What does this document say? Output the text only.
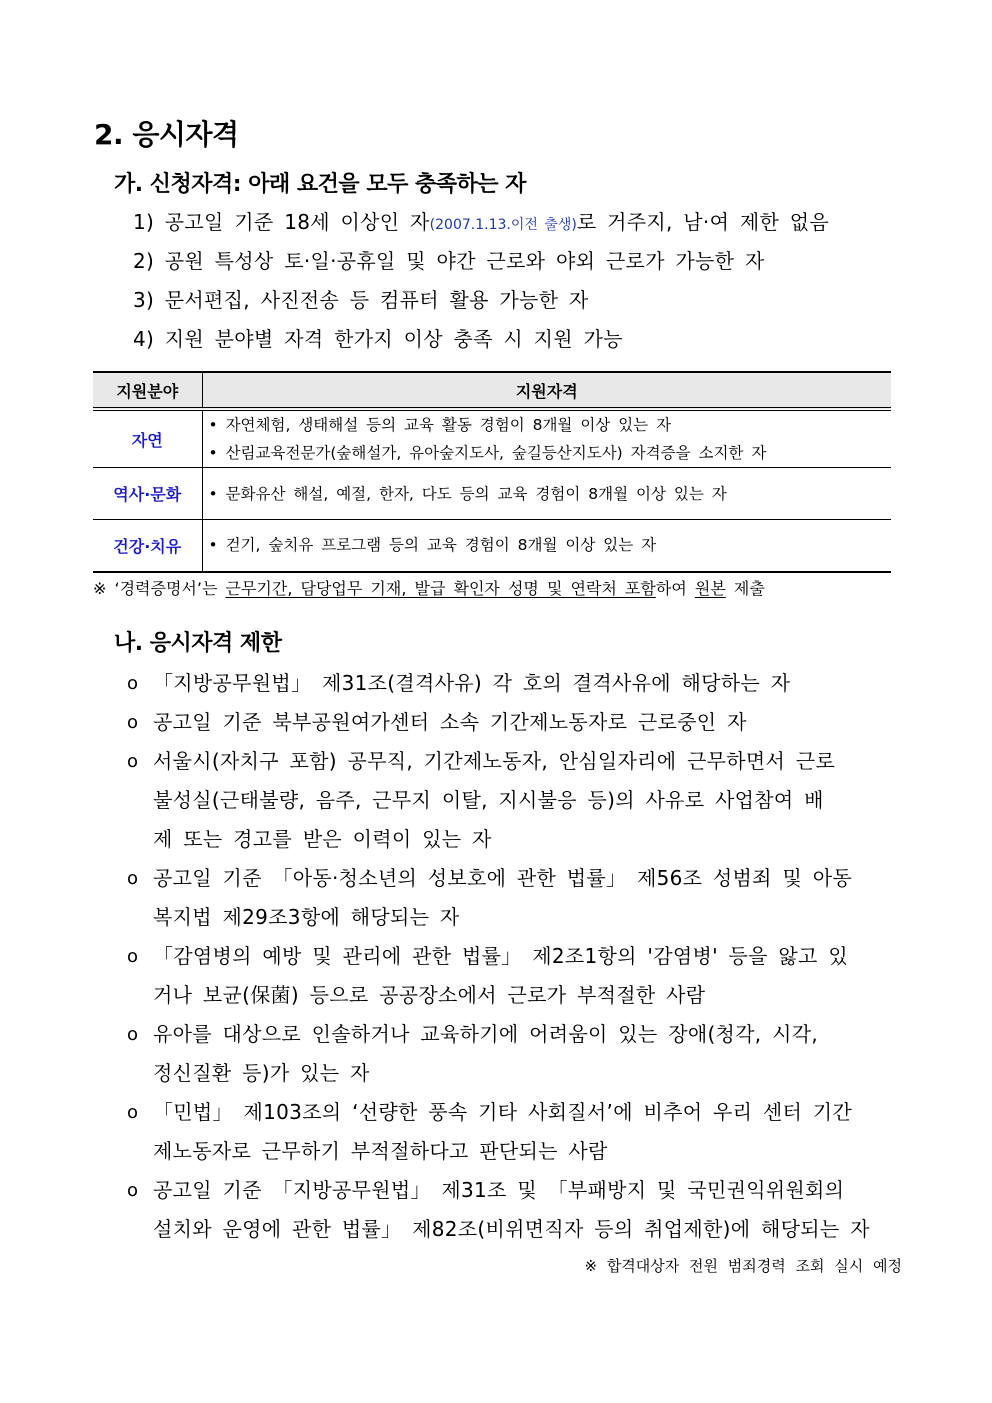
2. 응시자격
가. 신청자격: 아래 요건을 모두 충족하는 자
1) 공고일 기준 18세 이상인 자(2007.1.13.이전 출생)로 거주지, 남·여 제한 없음
2) 공원 특성상 토·일·공휴일 및 야간 근로와 야외 근로가 가능한 자
3) 문서편집, 사진전송 등 컴퓨터 활용 가능한 자
4) 지원 분야별 자격 한가지 이상 충족 시 지원 가능
지원분야	지원자격
자연	• 자연체험, 생태해설 등의 교육 활동 경험이 8개월 이상 있는 자
• 산림교육전문가(숲해설가, 유아숲지도사, 숲길등산지도사) 자격증을 소지한 자

역사·문화	• 문화유산 해설, 예절, 한자, 다도 등의 교육 경험이 8개월 이상 있는 자

건강·치유	• 걷기, 숲치유 프로그램 등의 교육 경험이 8개월 이상 있는 자
※ ‘경력증명서’는 근무기간, 담당업무 기재, 발급 확인자 성명 및 연락처 포함하여 원본 제출
나. 응시자격 제한
o 「지방공무원법」 제31조(결격사유) 각 호의 결격사유에 해당하는 자
o 공고일 기준 북부공원여가센터 소속 기간제노동자로 근로중인 자
o 서울시(자치구 포함) 공무직, 기간제노동자, 안심일자리에 근무하면서 근로
불성실(근태불량, 음주, 근무지 이탈, 지시불응 등)의 사유로 사업참여 배
제 또는 경고를 받은 이력이 있는 자
o 공고일 기준 「아동·청소년의 성보호에 관한 법률」 제56조 성범죄 및 아동
복지법 제29조3항에 해당되는 자
o 「감염병의 예방 및 관리에 관한 법률」 제2조1항의 '감염병' 등을 앓고 있
거나 보균(保菌) 등으로 공공장소에서 근로가 부적절한 사람
o 유아를 대상으로 인솔하거나 교육하기에 어려움이 있는 장애(청각, 시각,
정신질환 등)가 있는 자
o 「민법」 제103조의 ‘선량한 풍속 기타 사회질서’에 비추어 우리 센터 기간
제노동자로 근무하기 부적절하다고 판단되는 사람
o 공고일 기준 「지방공무원법」 제31조 및 「부패방지 및 국민권익위원회의
설치와 운영에 관한 법률」 제82조(비위면직자 등의 취업제한)에 해당되는 자
※ 합격대상자 전원 범죄경력 조회 실시 예정
